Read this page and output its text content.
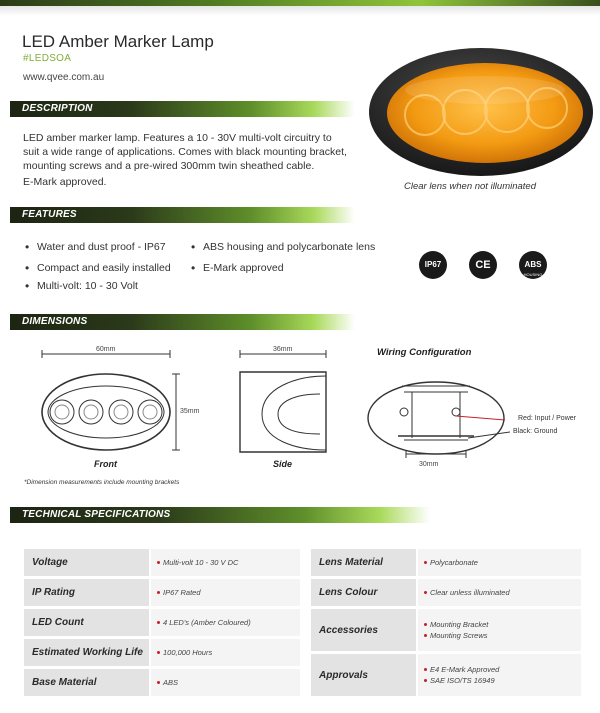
LED Amber Marker Lamp
#LEDSOA
www.qvee.com.au
Clear lens when not illuminated
DESCRIPTION
LED amber marker lamp. Features a 10 - 30V multi-volt circuitry to
suit a wide range of applications. Comes with black mounting bracket,
mounting screws and a pre-wired 300mm twin sheathed cable.
E-Mark approved.
FEATURES
• Water and dust proof - IP67
• Compact and easily installed
• Multi-volt: 10 - 30 Volt
• ABS housing and polycarbonate lens
• E-Mark approved	IP67	CE	ABS
HOUSING
DIMENSIONS
60mm
35mm
Front
36mm
Side
Wiring Configuration
Red: Input / Power
Black: Ground
30mm
*Dimension measurements include mounting brackets
TECHNICAL SPECIFICATIONS
Voltage	Multi-volt 10 - 30 V DC
IP Rating	IP67 Rated
LED Count	4 LED's (Amber Coloured)
Estimated Working Life	100,000 Hours
Base Material	ABS
Lens Material	Polycarbonate
Lens Colour	Clear unless illuminated
Accessories	Mounting Bracket
Mounting Screws
Approvals	E4 E-Mark Approved
SAE ISO/TS 16949
